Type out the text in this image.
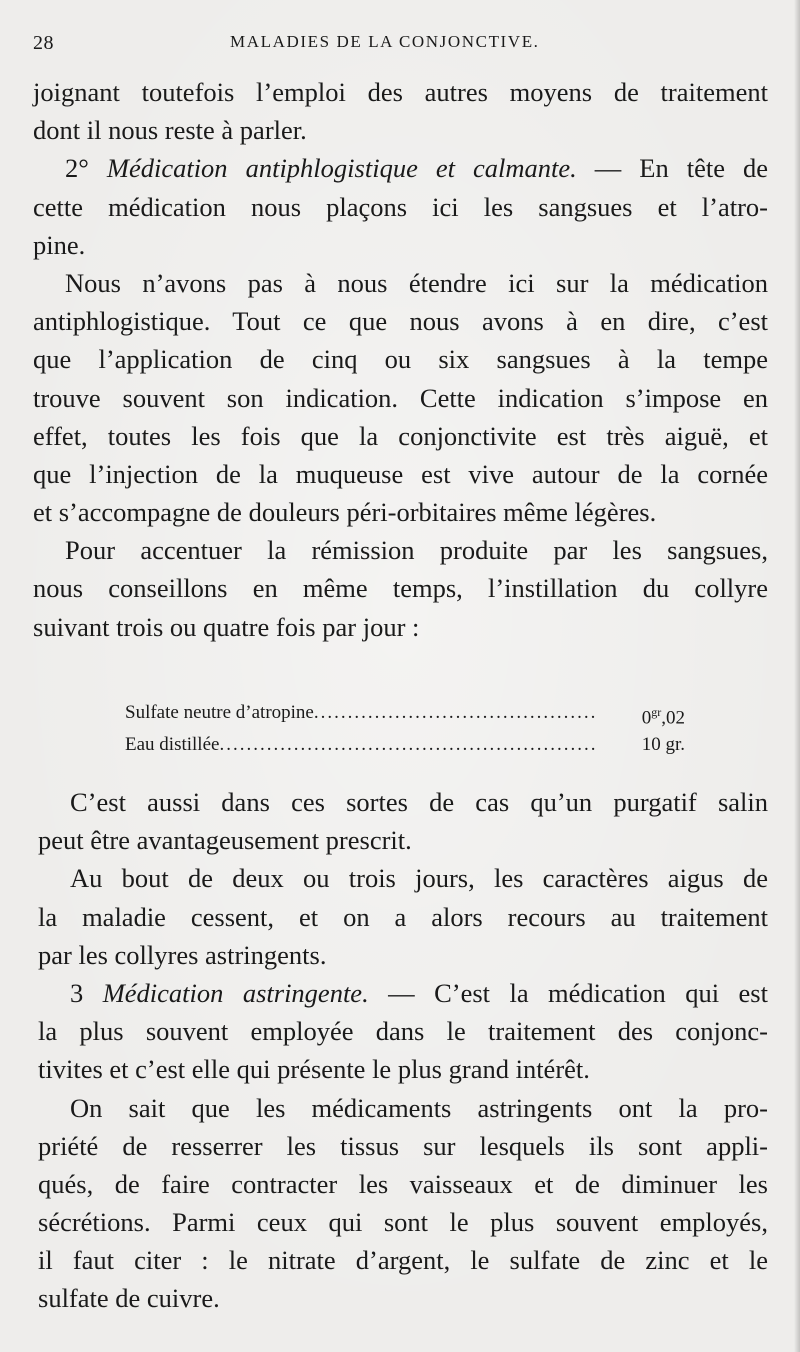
28	MALADIES DE LA CONJONCTIVE.
joignant toutefois l’emploi des autres moyens de traitement
dont il nous reste à parler.
2° Médication antiphlogistique et calmante. — En tête de
cette médication nous plaçons ici les sangsues et l’atro-
pine.
Nous n’avons pas à nous étendre ici sur la médication
antiphlogistique. Tout ce que nous avons à en dire, c’est
que l’application de cinq ou six sangsues à la tempe
trouve souvent son indication. Cette indication s’impose en
effet, toutes les fois que la conjonctivite est très aiguë, et
que l’injection de la muqueuse est vive autour de la cornée
et s’accompagne de douleurs péri-orbitaires même légères.
Pour accentuer la rémission produite par les sangsues,
nous conseillons en même temps, l’instillation du collyre
suivant trois ou quatre fois par jour :
Sulfate neutre d’atropine .....	$0^{gr},02$
Eau distillée .....	10 gr.
C’est aussi dans ces sortes de cas qu’un purgatif salin
peut être avantageusement prescrit.
Au bout de deux ou trois jours, les caractères aigus de
la maladie cessent, et on a alors recours au traitement
par les collyres astringents.
3 Médication astringente. — C’est la médication qui est
la plus souvent employée dans le traitement des conjonc-
tivites et c’est elle qui présente le plus grand intérêt.
On sait que les médicaments astringents ont la pro-
priété de resserrer les tissus sur lesquels ils sont appli-
qués, de faire contracter les vaisseaux et de diminuer les
sécrétions. Parmi ceux qui sont le plus souvent employés,
il faut citer : le nitrate d’argent, le sulfate de zinc et le
sulfate de cuivre.
